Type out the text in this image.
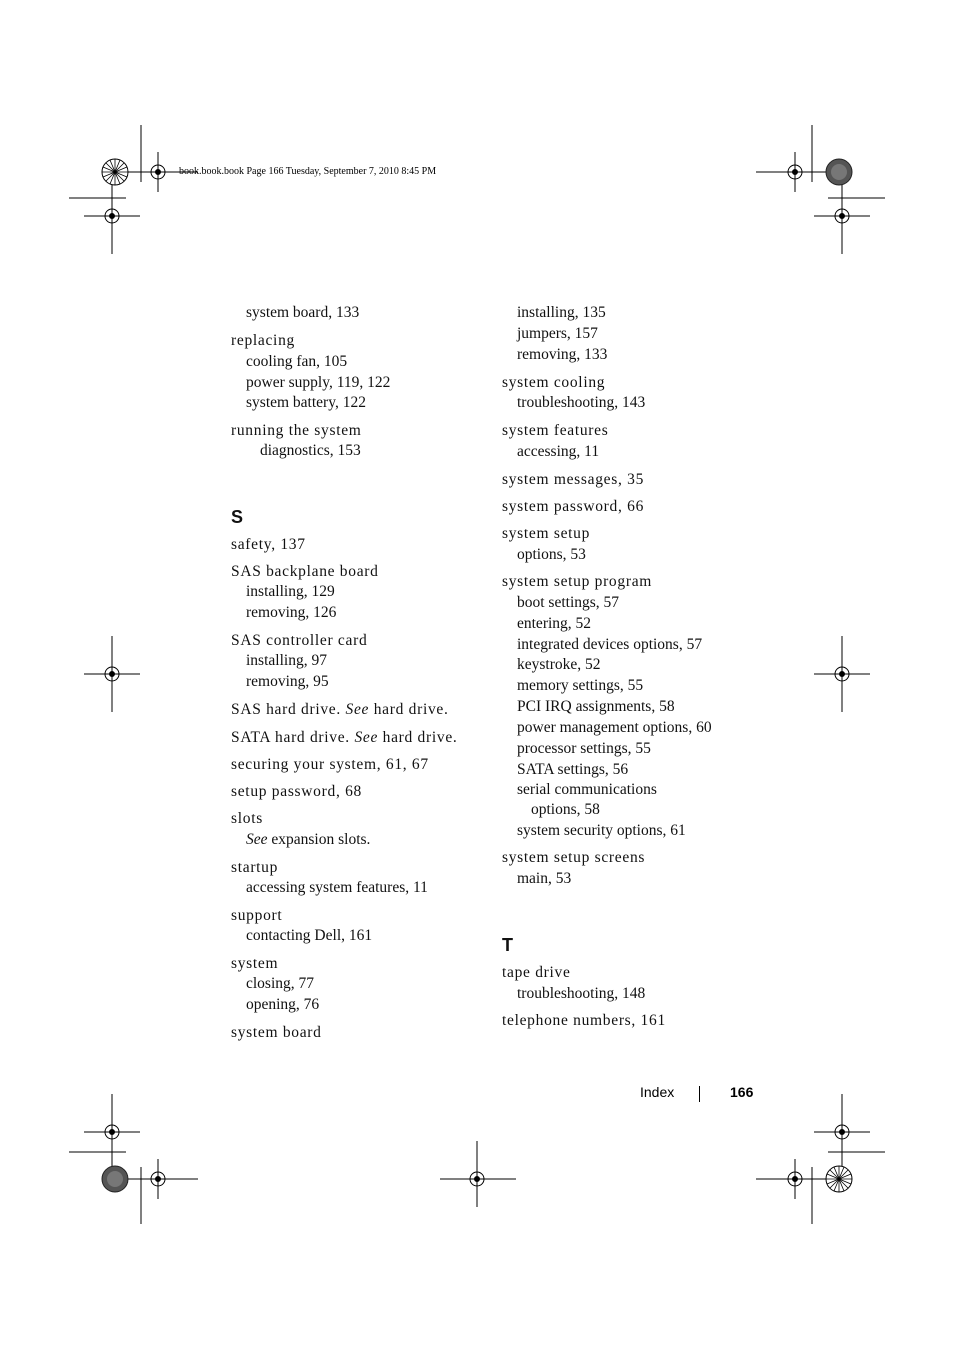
book.book.book Page 166 Tuesday, September 7, 2010 8:45 PM
system board, 133
replacing
cooling fan, 105
power supply, 119, 122
system battery, 122
running the system
diagnostics, 153
S
safety, 137
SAS backplane board
installing, 129
removing, 126
SAS controller card
installing, 97
removing, 95
SAS hard drive. See hard drive.
SATA hard drive. See hard drive.
securing your system, 61, 67
setup password, 68
slots
See expansion slots.
startup
accessing system features, 11
support
contacting Dell, 161
system
closing, 77
opening, 76
system board
installing, 135
jumpers, 157
removing, 133
system cooling
troubleshooting, 143
system features
accessing, 11
system messages, 35
system password, 66
system setup
options, 53
system setup program
boot settings, 57
entering, 52
integrated devices options, 57
keystroke, 52
memory settings, 55
PCI IRQ assignments, 58
power management options, 60
processor settings, 55
SATA settings, 56
serial communications
options, 58
system security options, 61
system setup screens
main, 53
T
tape drive
troubleshooting, 148
telephone numbers, 161
Index	166
